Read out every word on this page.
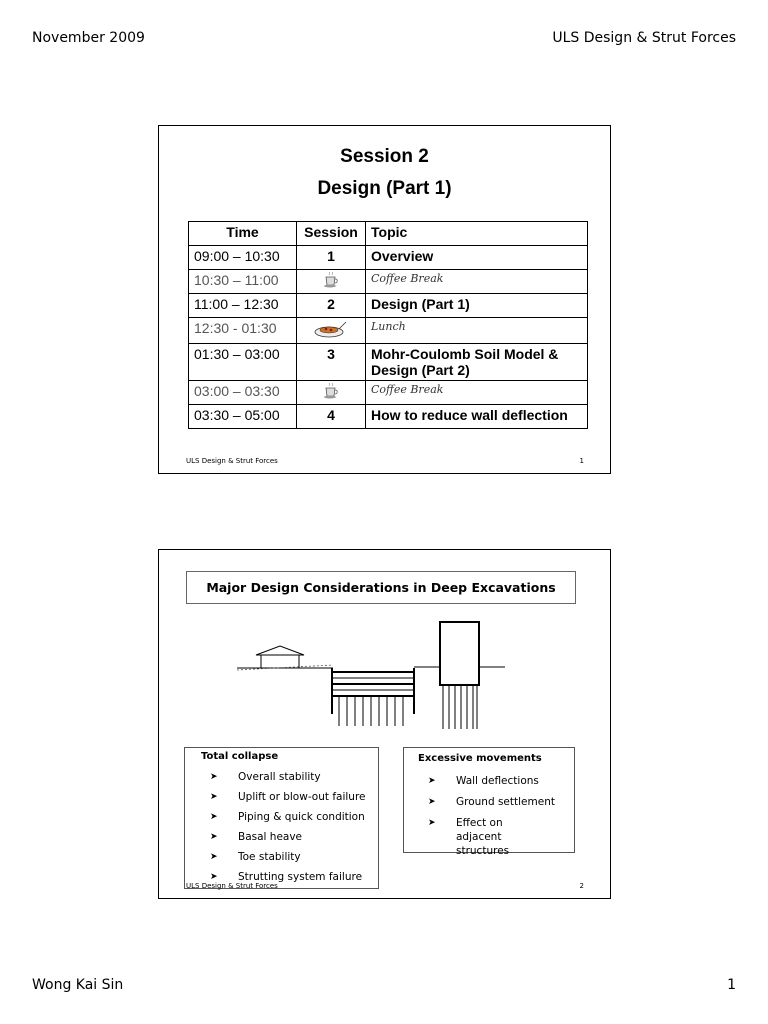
November 2009	ULS Design & Strut Forces
Session 2
Design (Part 1)
Time	Session	Topic
09:00 – 10:30	1	Overview
10:30 – 11:00		Coffee Break
11:00 – 12:30	2	Design (Part 1)
12:30 - 01:30		Lunch
01:30 – 03:00	3	Mohr-Coulomb Soil Model & Design (Part 2)
03:00 – 03:30		Coffee Break
03:30 – 05:00	4	How to reduce wall deflection
ULS Design & Strut Forces	1
Major Design Considerations in Deep Excavations
Total collapse
➤ Overall stability
➤ Uplift or blow-out failure
➤ Piping & quick condition
➤ Basal heave
➤ Toe stability
➤ Strutting system failure
Excessive movements
➤ Wall deflections
➤ Ground settlement
➤ Effect on adjacent structures
ULS Design & Strut Forces	2
Wong Kai Sin	1
